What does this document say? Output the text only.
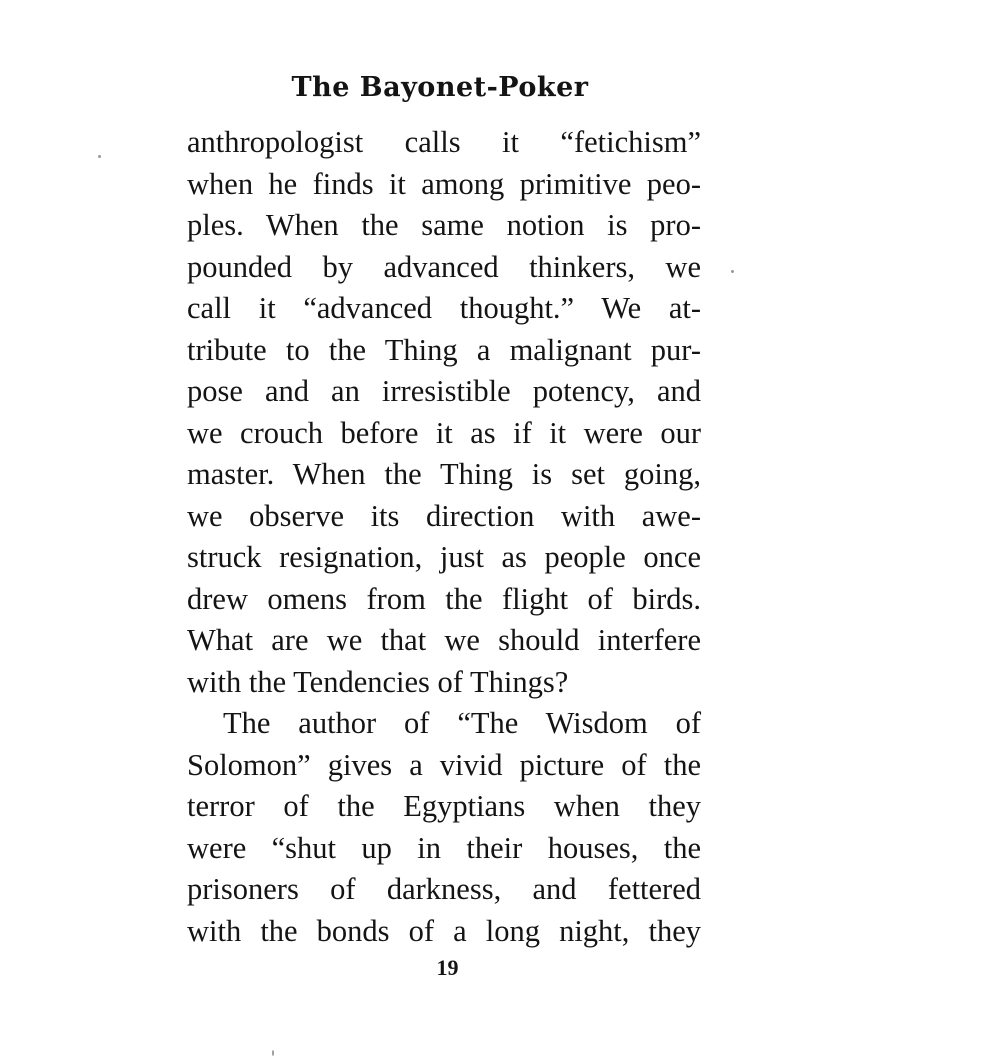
The Bayonet-Poker
anthropologist calls it “fetichism”
when he finds it among primitive peo-
ples. When the same notion is pro-
pounded by advanced thinkers, we
call it “advanced thought.” We at-
tribute to the Thing a malignant pur-
pose and an irresistible potency, and
we crouch before it as if it were our
master. When the Thing is set going,
we observe its direction with awe-
struck resignation, just as people once
drew omens from the flight of birds.
What are we that we should interfere
with the Tendencies of Things?
The author of “The Wisdom of
Solomon” gives a vivid picture of the
terror of the Egyptians when they
were “shut up in their houses, the
prisoners of darkness, and fettered
with the bonds of a long night, they
19
